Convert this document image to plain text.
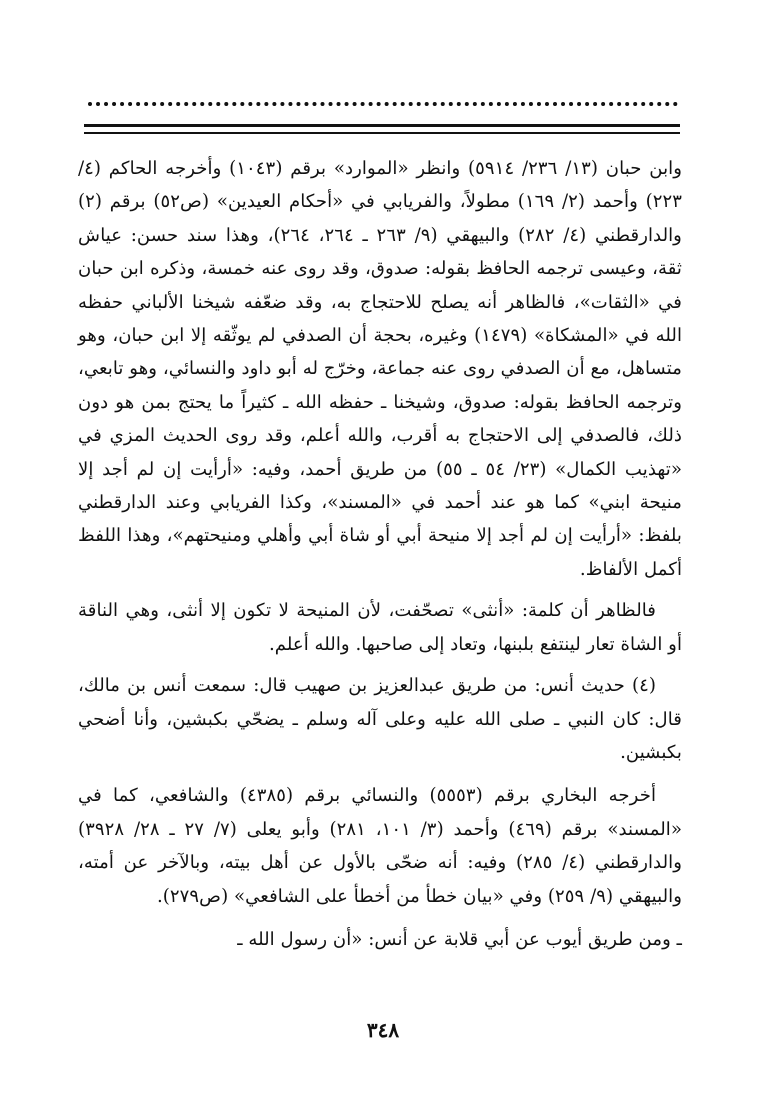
وابن حبان (١٣/ ٢٣٦/ ٥٩١٤) وانظر «الموارد» برقم (١٠٤٣) وأخرجه الحاكم (٤/ ٢٢٣) وأحمد (٢/ ١٦٩) مطولاً، والفريابي في «أحكام العيدين» (ص٥٢) برقم (٢) والدارقطني (٤/ ٢٨٢) والبيهقي (٩/ ٢٦٣ ـ ٢٦٤، ٢٦٤)، وهذا سند حسن: عياش ثقة، وعيسى ترجمه الحافظ بقوله: صدوق، وقد روى عنه خمسة، وذكره ابن حبان في «الثقات»، فالظاهر أنه يصلح للاحتجاج به، وقد ضعّفه شيخنا الألباني حفظه الله في «المشكاة» (١٤٧٩) وغيره، بحجة أن الصدفي لم يوثّقه إلا ابن حبان، وهو متساهل، مع أن الصدفي روى عنه جماعة، وخرّج له أبو داود والنسائي، وهو تابعي، وترجمه الحافظ بقوله: صدوق، وشيخنا ـ حفظه الله ـ كثيراً ما يحتج بمن هو دون ذلك، فالصدفي إلى الاحتجاج به أقرب، والله أعلم، وقد روى الحديث المزي في «تهذيب الكمال» (٢٣/ ٥٤ ـ ٥٥) من طريق أحمد، وفيه: «أرأيت إن لم أجد إلا منيحة ابني» كما هو عند أحمد في «المسند»، وكذا الفريابي وعند الدارقطني بلفظ: «أرأيت إن لم أجد إلا منيحة أبي أو شاة أبي وأهلي ومنيحتهم»، وهذا اللفظ أكمل الألفاظ.

فالظاهر أن كلمة: «أنثى» تصحّفت، لأن المنيحة لا تكون إلا أنثى، وهي الناقة أو الشاة تعار لينتفع بلبنها، وتعاد إلى صاحبها. والله أعلم.

(٤) حديث أنس: من طريق عبدالعزيز بن صهيب قال: سمعت أنس بن مالك، قال: كان النبي ـ صلى الله عليه وعلى آله وسلم ـ يضحّي بكبشين، وأنا أضحي بكبشين.

أخرجه البخاري برقم (٥٥٥٣) والنسائي برقم (٤٣٨٥) والشافعي، كما في «المسند» برقم (٤٦٩) وأحمد (٣/ ١٠١، ٢٨١) وأبو يعلى (٧/ ٢٧ ـ ٢٨/ ٣٩٢٨) والدارقطني (٤/ ٢٨٥) وفيه: أنه ضحّى بالأول عن أهل بيته، وبالآخر عن أمته، والبيهقي (٩/ ٢٥٩) وفي «بيان خطأ من أخطأ على الشافعي» (ص٢٧٩).

ـ ومن طريق أيوب عن أبي قلابة عن أنس: «أن رسول الله ـ

٣٤٨
